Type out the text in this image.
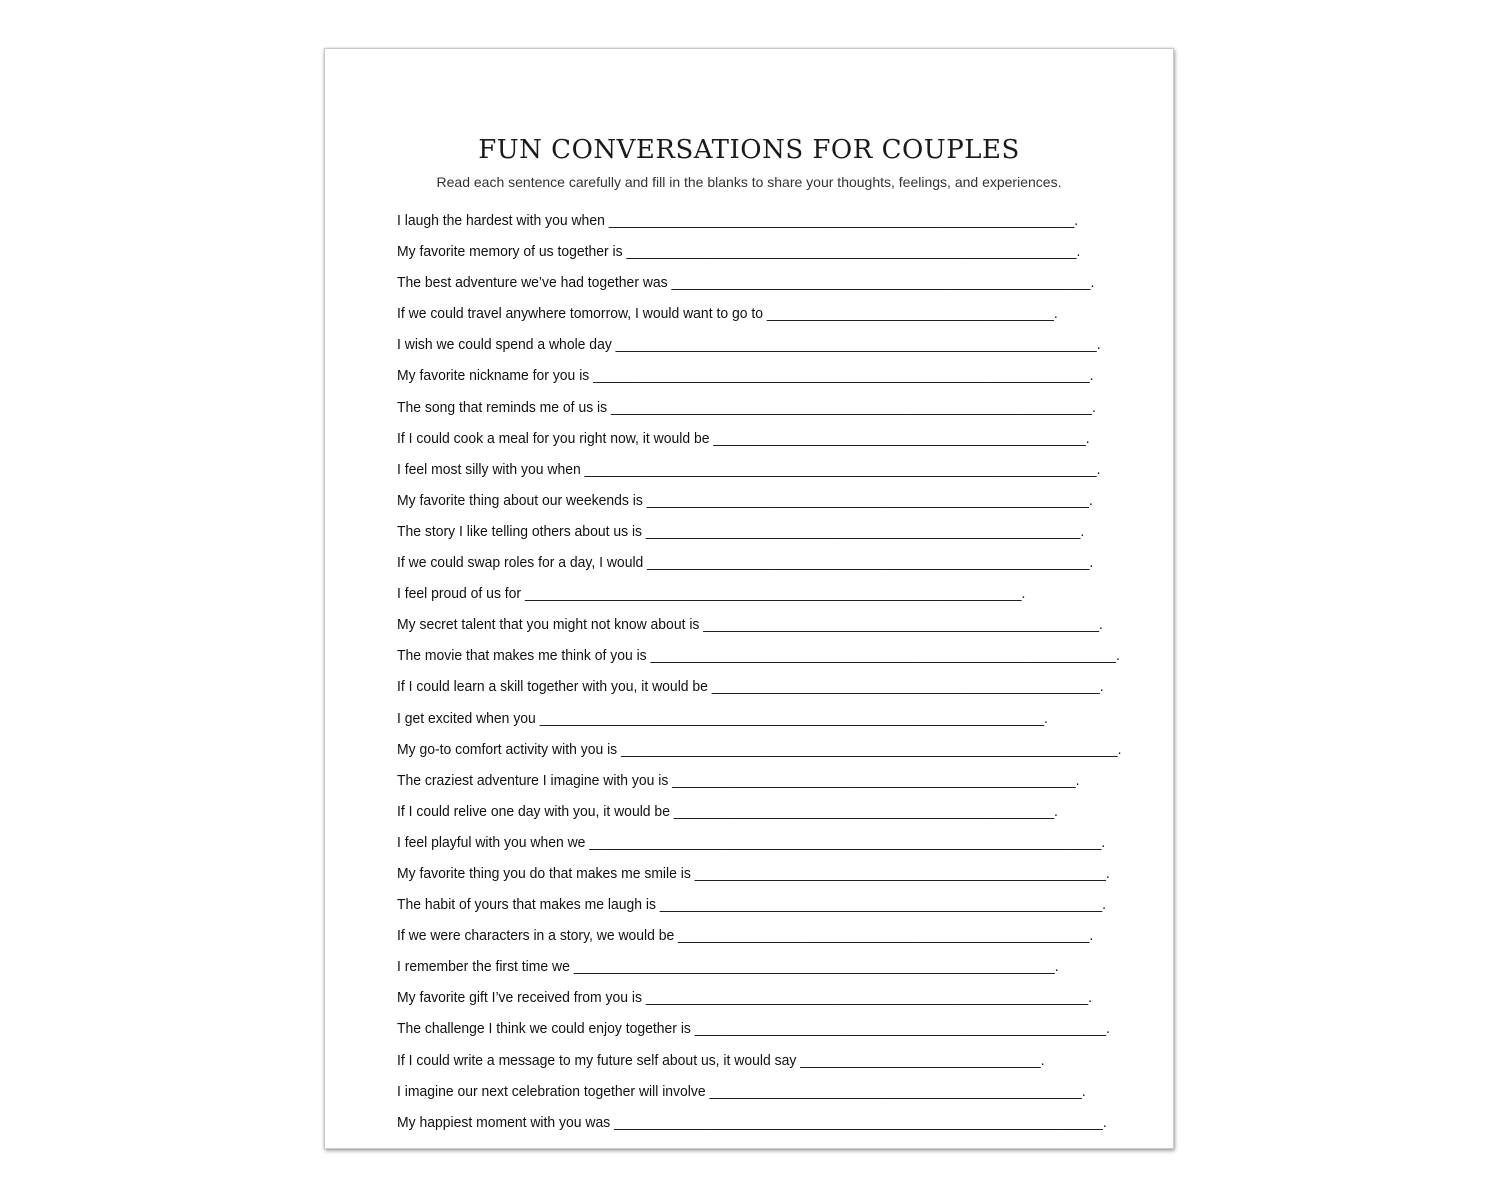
FUN CONVERSATIONS FOR COUPLES

Read each sentence carefully and fill in the blanks to share your thoughts, feelings, and experiences.

I laugh the hardest with you when ____________________________________________________________.
My favorite memory of us together is __________________________________________________________.
The best adventure we’ve had together was ______________________________________________________.
If we could travel anywhere tomorrow, I would want to go to _____________________________________.
I wish we could spend a whole day ______________________________________________________________.
My favorite nickname for you is ________________________________________________________________.
The song that reminds me of us is ______________________________________________________________.
If I could cook a meal for you right now, it would be ________________________________________________.
I feel most silly with you when __________________________________________________________________.
My favorite thing about our weekends is _________________________________________________________.
The story I like telling others about us is ________________________________________________________.
If we could swap roles for a day, I would _________________________________________________________.
I feel proud of us for ________________________________________________________________.
My secret talent that you might not know about is ___________________________________________________.
The movie that makes me think of you is ____________________________________________________________.
If I could learn a skill together with you, it would be __________________________________________________.
I get excited when you _________________________________________________________________.
My go-to comfort activity with you is ________________________________________________________________.
The craziest adventure I imagine with you is ____________________________________________________.
If I could relive one day with you, it would be _________________________________________________.
I feel playful with you when we __________________________________________________________________.
My favorite thing you do that makes me smile is _____________________________________________________.
The habit of yours that makes me laugh is _________________________________________________________.
If we were characters in a story, we would be _____________________________________________________.
I remember the first time we ______________________________________________________________.
My favorite gift I’ve received from you is _________________________________________________________.
The challenge I think we could enjoy together is _____________________________________________________.
If I could write a message to my future self about us, it would say _______________________________.
I imagine our next celebration together will involve ________________________________________________.
My happiest moment with you was _______________________________________________________________.
